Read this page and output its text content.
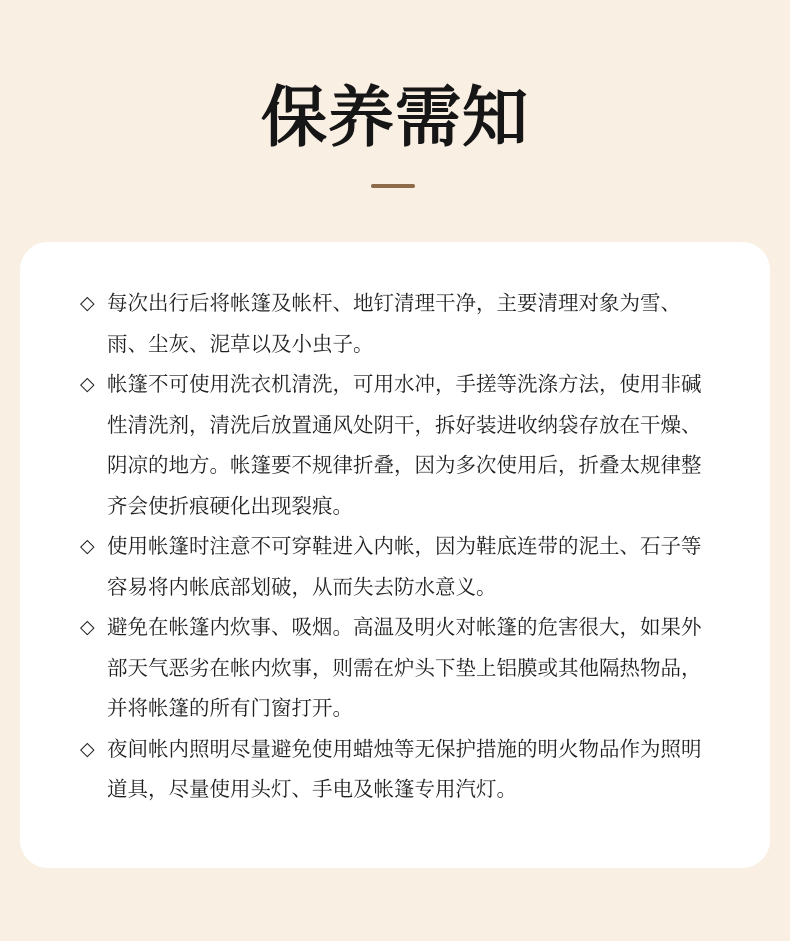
保养需知
◇ 每次出行后将帐篷及帐杆、地钉清理干净，主要清理对象为雪、雨、尘灰、泥草以及小虫子。
◇ 帐篷不可使用洗衣机清洗，可用水冲，手搓等洗涤方法，使用非碱性清洗剂，清洗后放置通风处阴干，拆好装进收纳袋存放在干燥、阴凉的地方。帐篷要不规律折叠，因为多次使用后，折叠太规律整齐会使折痕硬化出现裂痕。
◇ 使用帐篷时注意不可穿鞋进入内帐，因为鞋底连带的泥土、石子等容易将内帐底部划破，从而失去防水意义。
◇ 避免在帐篷内炊事、吸烟。高温及明火对帐篷的危害很大，如果外部天气恶劣在帐内炊事，则需在炉头下垫上铝膜或其他隔热物品，并将帐篷的所有门窗打开。
◇ 夜间帐内照明尽量避免使用蜡烛等无保护措施的明火物品作为照明道具，尽量使用头灯、手电及帐篷专用汽灯。
